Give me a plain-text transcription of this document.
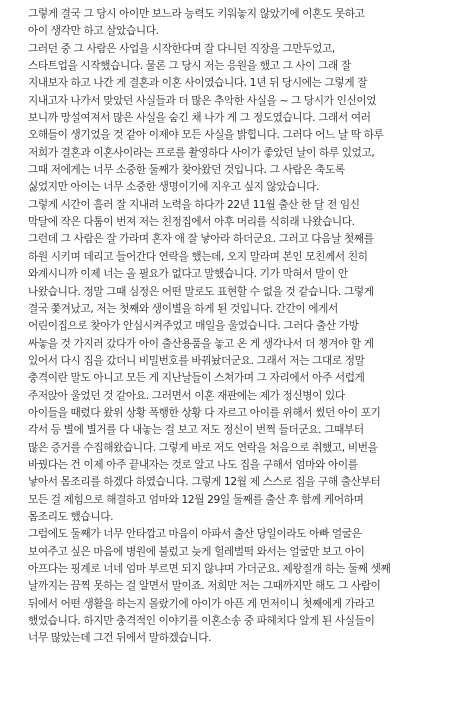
그렇게 결국 그 당시 아이만 보느라 능력도 키워놓지 않았기에 이혼도 못하고
아이 생각만 하고 살았습니다.
그러던 중 그 사람은 사업을 시작한다며 잘 다니던 직장을 그만두었고,
스타트업을 시작했습니다. 물론 그 당시 저는 응원을 했고 그 사이 그래 잘
지내보자 하고 나간 게 결혼과 이혼 사이였습니다. 1년 뒤 당시에는 그렇게 잘
지내고자 나가서 맞았던 사실들과 더 많은 추악한 사실을 ~ 그 당시가 인신이었
보니까 망설여져서 많은 사실을 숨긴 채 나가 게 그 정도였습니다. 그래서 여러
오해들이 생기었을 것 같아 이제야 모든 사실을 밝힙니다. 그러다 어느 날 딱 하루
저희가 결혼과 이혼사이라는 프로를 촬영하다 사이가 좋았던 날이 하루 있었고,
그때 저에게는 너무 소중한 둘째가 찾아왔던 것입니다. 그 사람은 축도록
싫었지만 아이는 너무 소중한 생명이기에 지우고 싶지 않았습니다.
그렇게 시간이 흘러 잘 지내려 노력을 하다가 22년 11월 출산 한 달 전 임신
막달에 작은 다툼이 번져 저는 친정집에서 아후 머리를 식히래 나왔습니다.
그런데 그 사람은 잘 가라며 혼자 애 잘 낳아라 하더군요. 그러고 다음날 첫째를
하원 시키며 데리고 들어간다 연락을 했는데, 오지 말라며 본인 모친께서 친히
와계시니까 이제 너는 올 필요가 없다고 말했습니다. 기가 막혀서 말이 안
나왔습니다. 정말 그때 심정은 어떤 말로도 표현할 수 없을 것 같습니다. 그렇게
결국 쫓겨났고, 저는 첫째와 생이별을 하게 된 것입니다. 간간이 에게서
어린이집으로 찾아가 안심시켜주었고 매일을 울었습니다. 그러다 출산 가방
싸놓을 것 가지러 갔다가 아이 출산용품을 놓고 온 게 생각나서 더 챙겨야 할 게
있어서 다시 집을 갔더니 비밀번호를 바꿔놨더군요. 그래서 저는 그대로 정말
충격이란 말도 아니고 모든 게 지난날들이 스쳐가며 그 자리에서 아주 서럽게
주저앉아 울었던 것 같아요. 그러면서 이혼 재판에는 제가 정신병이 있다
아이들을 때렸다 왔위 상황 폭행한 상황 다 자르고 아이를 위해서 썼던 아이 포기
각서 등 별에 별거를 다 내놓는 걸 보고 저도 정신이 번쩍 들더군요. 그때부터
많은 증거를 수집해왔습니다. 그렇게 바로 저도 연락을 처음으로 취했고, 비번을
바꿨다는 건 이제 아주 끝내자는 것로 알고 나도 집을 구해서 엄마와 아이를
낳아서 몸조리를 하겠다 하였습니다. 그렇게 12월 제 스스로 집을 구해 출산부터
모든 걸 제힘으로 해결하고 엄마와 12월 29일 둘째를 출산 후 함께 케어하며
몸조리도 했습니다.
그럼에도 둘째가 너무 안타깝고 마음이 아파서 출산 당일이라도 아빠 얼굴은
보여주고 싶은 마음에 병원에 불렀고 늦게 헐레벌떡 와서는 얼굴만 보고 아이
아프다는 핑계로 너네 엄마 부르면 되지 않냐며 가더군요. 제왕절개 하는 둘째 셋째
날까지는 끔찍 못하는 걸 알면서 말이죠. 저희만 저는 그때까지만 해도 그 사람이
뒤에서 어떤 생활을 하는지 몰랐기에 아이가 아픈 게 먼저이니 첫째에게 가라고
했었습니다. 하지만 충격적인 이야기를 이혼소송 중 파헤치다 알게 된 사실들이
너무 많았는데 그건 뒤에서 말하겠습니다.
